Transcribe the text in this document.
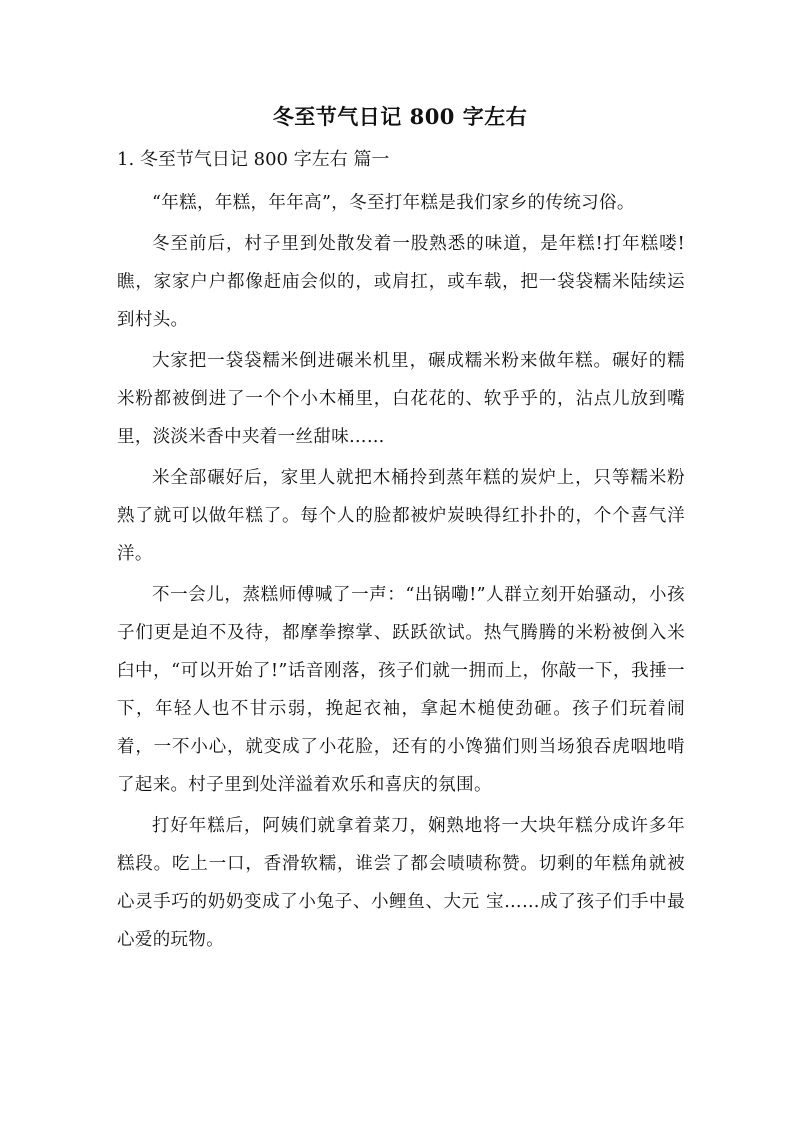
冬至节气日记 800 字左右
1. 冬至节气日记 800 字左右 篇一

“年糕，年糕，年年高”，冬至打年糕是我们家乡的传统习俗。

冬至前后，村子里到处散发着一股熟悉的味道，是年糕!打年糕喽!瞧，家家户户都像赶庙会似的，或肩扛，或车载，把一袋袋糯米陆续运到村头。

大家把一袋袋糯米倒进碾米机里，碾成糯米粉来做年糕。碾好的糯米粉都被倒进了一个个小木桶里，白花花的、软乎乎的，沾点儿放到嘴里，淡淡米香中夹着一丝甜味……

米全部碾好后，家里人就把木桶拎到蒸年糕的炭炉上，只等糯米粉熟了就可以做年糕了。每个人的脸都被炉炭映得红扑扑的，个个喜气洋洋。

不一会儿，蒸糕师傅喊了一声：“出锅嘞!”人群立刻开始骚动，小孩子们更是迫不及待，都摩拳擦掌、跃跃欲试。热气腾腾的米粉被倒入米臼中，“可以开始了!”话音刚落，孩子们就一拥而上，你敲一下，我捶一下，年轻人也不甘示弱，挽起衣袖，拿起木槌使劲砸。孩子们玩着闹着，一不小心，就变成了小花脸，还有的小馋猫们则当场狼吞虎咽地啃了起来。村子里到处洋溢着欢乐和喜庆的氛围。

打好年糕后，阿姨们就拿着菜刀，娴熟地将一大块年糕分成许多年糕段。吃上一口，香滑软糯，谁尝了都会啧啧称赞。切剩的年糕角就被心灵手巧的奶奶变成了小兔子、小鲤鱼、大元 宝……成了孩子们手中最心爱的玩物。
